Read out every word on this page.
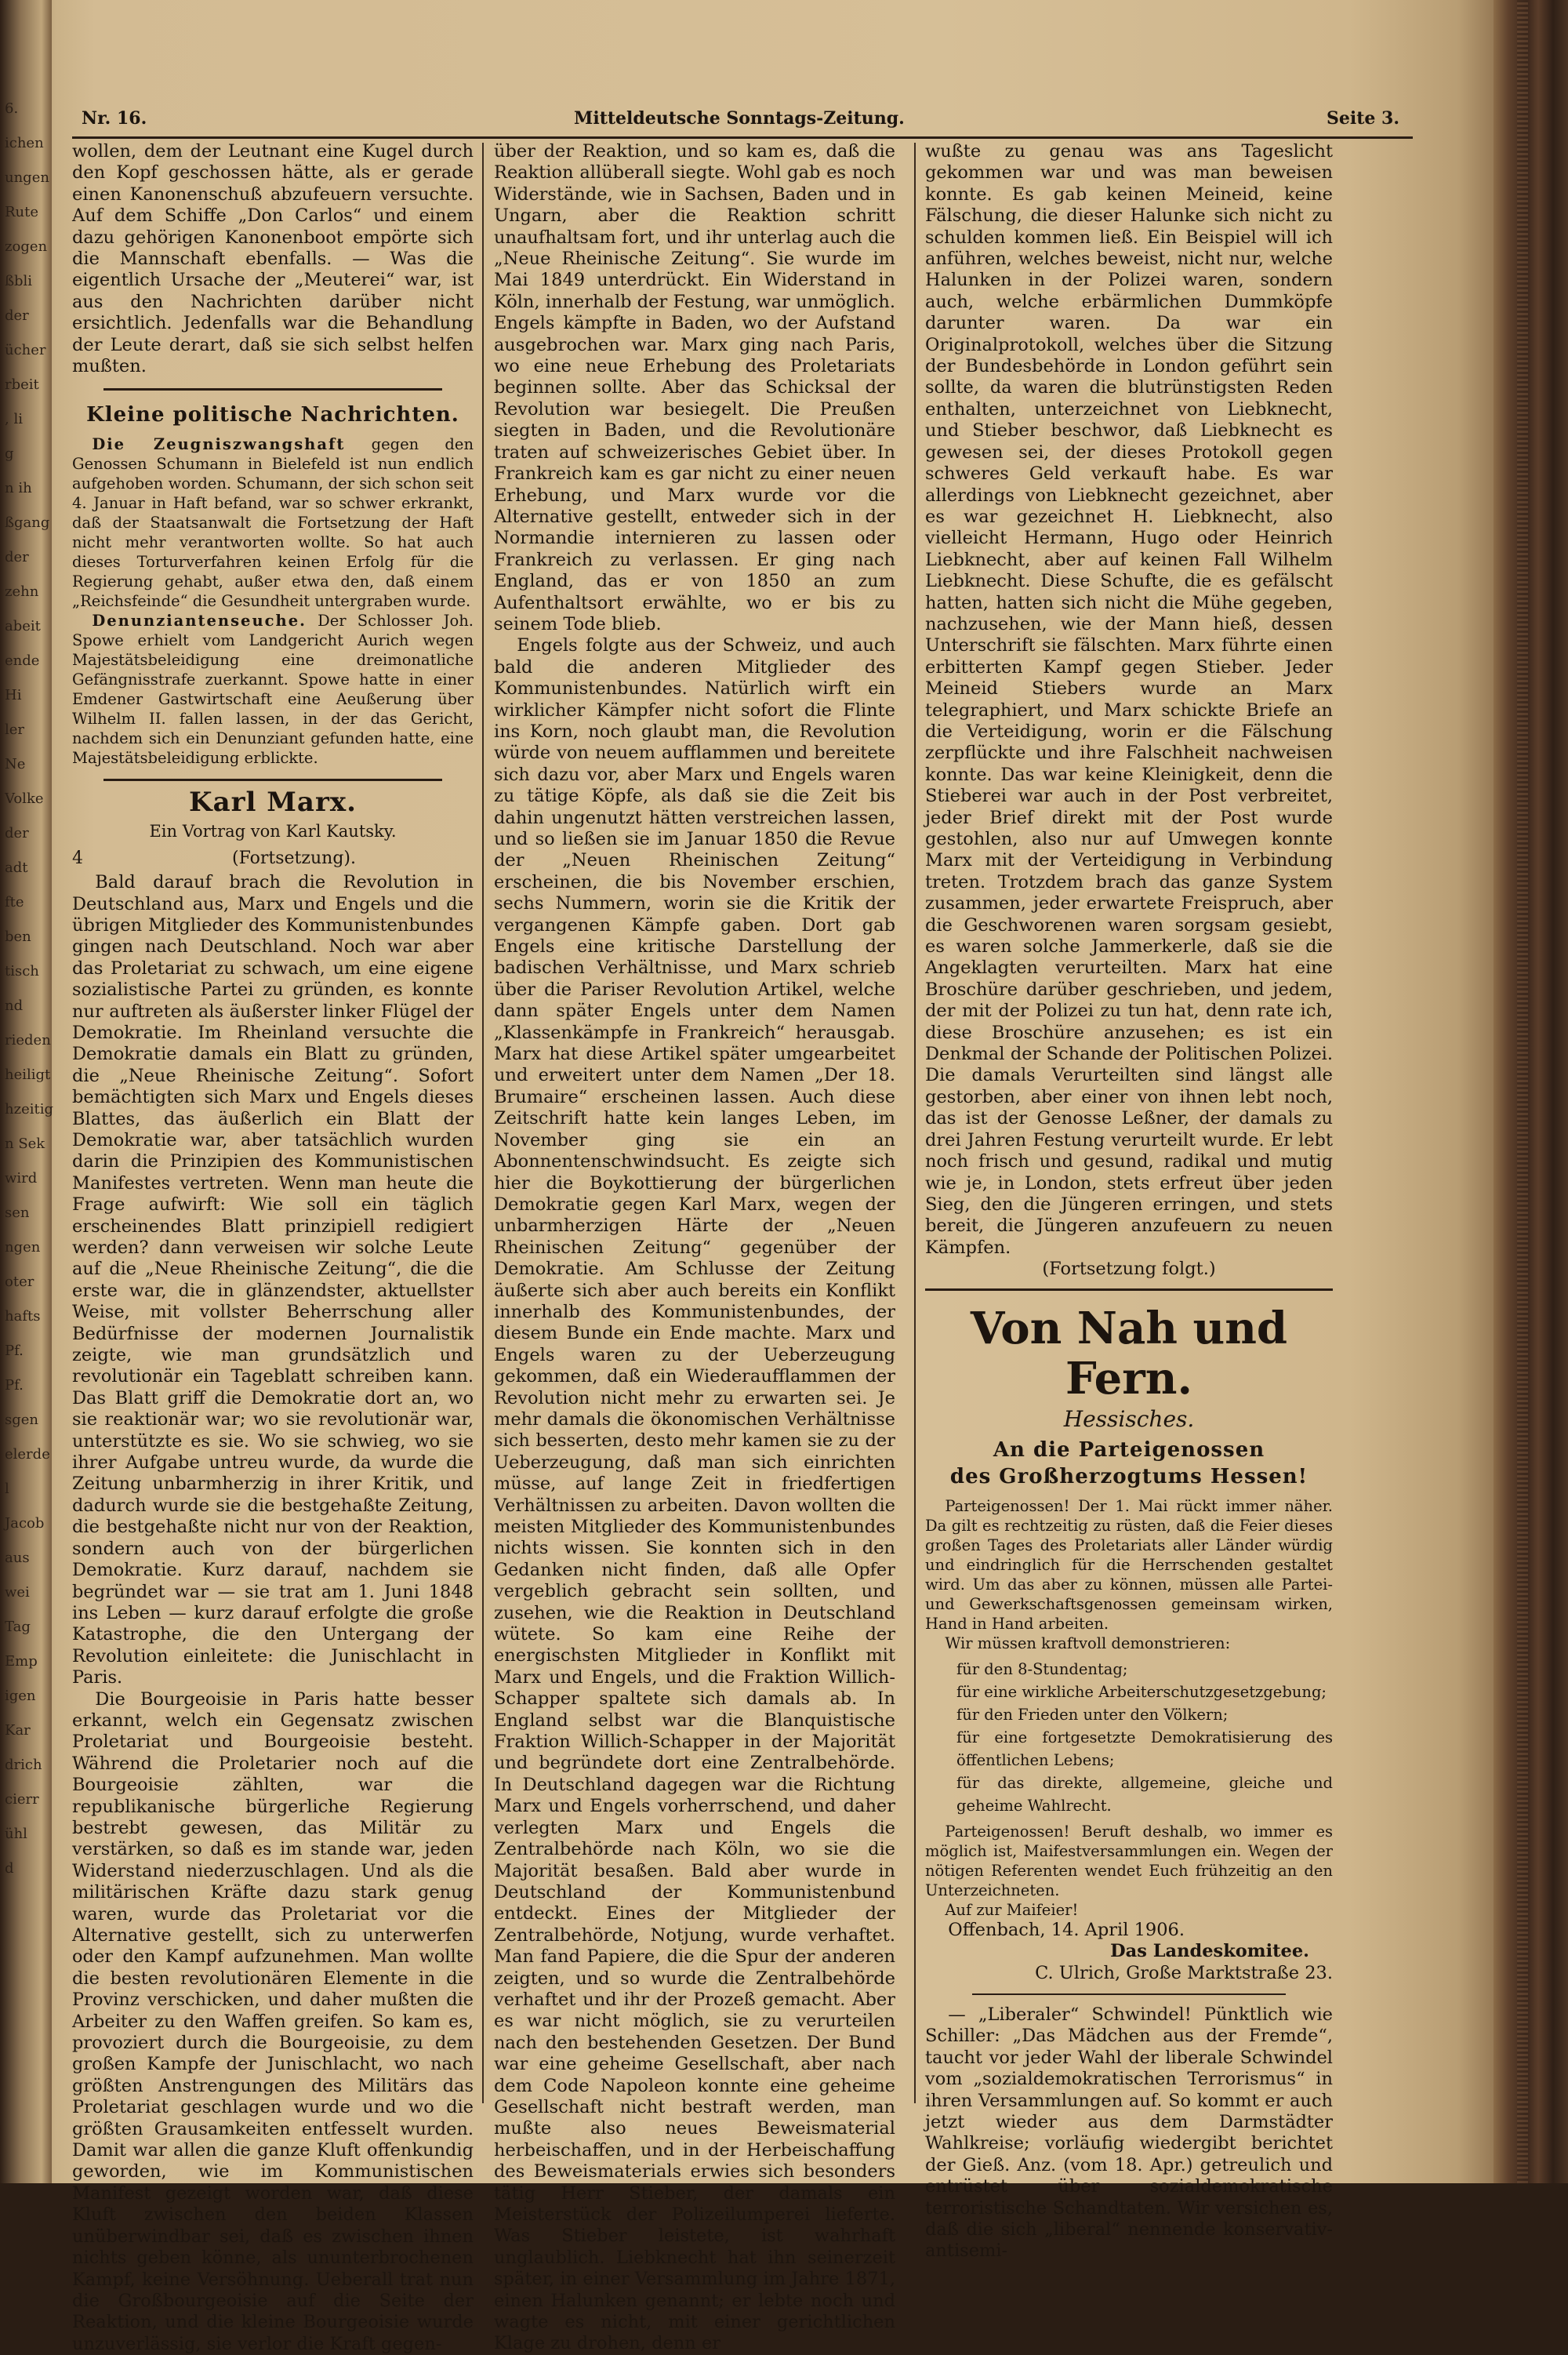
6.
ichen
ungen
Rute
zogen
ßbli
der
ücher
rbeit
, li
g
n ih
ßgang
der
zehn
abeit
ende
Hi
ler
Ne
Volke
der
adt
fte
ben
tisch
nd
rieden
heiligt
hzeitig
n Sek
wird
sen
ngen
oter
hafts
Pf.
Pf.
sgen
elerde
l
Jacob
aus
wei
Tag
Emp
igen
Kar
drich
cierr
ühl
d
Nr. 16.	Mitteldeutsche Sonntags-Zeitung.	Seite 3.

wollen, dem der Leutnant eine Kugel durch den Kopf geschossen hätte, als er gerade einen Kanonenschuß abzufeuern versuchte. Auf dem Schiffe „Don Carlos“ und einem dazu gehörigen Kanonenboot empörte sich die Mannschaft ebenfalls. — Was die eigentlich Ursache der „Meuterei“ war, ist aus den Nachrichten darüber nicht ersichtlich. Jedenfalls war die Behandlung der Leute derart, daß sie sich selbst helfen mußten.

Kleine politische Nachrichten.

Die Zeugniszwangshaft gegen den Genossen Schumann in Bielefeld ist nun endlich aufgehoben worden. Schumann, der sich schon seit 4. Januar in Haft befand, war so schwer erkrankt, daß der Staatsanwalt die Fortsetzung der Haft nicht mehr verantworten wollte. So hat auch dieses Torturverfahren keinen Erfolg für die Regierung gehabt, außer etwa den, daß einem „Reichsfeinde“ die Gesundheit untergraben wurde.

Denunziantenseuche. Der Schlosser Joh. Spowe erhielt vom Landgericht Aurich wegen Majestätsbeleidigung eine dreimonatliche Gefängnisstrafe zuerkannt. Spowe hatte in einer Emdener Gastwirtschaft eine Aeußerung über Wilhelm II. fallen lassen, in der das Gericht, nachdem sich ein Denunziant gefunden hatte, eine Majestätsbeleidigung erblickte.

Karl Marx.
Ein Vortrag von Karl Kautsky.
4	(Fortsetzung).

Bald darauf brach die Revolution in Deutschland aus, Marx und Engels und die übrigen Mitglieder des Kommunistenbundes gingen nach Deutschland. Noch war aber das Proletariat zu schwach, um eine eigene sozialistische Partei zu gründen, es konnte nur auftreten als äußerster linker Flügel der Demokratie. Im Rheinland versuchte die Demokratie damals ein Blatt zu gründen, die „Neue Rheinische Zeitung“. Sofort bemächtigten sich Marx und Engels dieses Blattes, das äußerlich ein Blatt der Demokratie war, aber tatsächlich wurden darin die Prinzipien des Kommunistischen Manifestes vertreten. Wenn man heute die Frage aufwirft: Wie soll ein täglich erscheinendes Blatt prinzipiell redigiert werden? dann verweisen wir solche Leute auf die „Neue Rheinische Zeitung“, die die erste war, die in glänzendster, aktuellster Weise, mit vollster Beherrschung aller Bedürfnisse der modernen Journalistik zeigte, wie man grundsätzlich und revolutionär ein Tageblatt schreiben kann. Das Blatt griff die Demokratie dort an, wo sie reaktionär war; wo sie revolutionär war, unterstützte es sie. Wo sie schwieg, wo sie ihrer Aufgabe untreu wurde, da wurde die Zeitung unbarmherzig in ihrer Kritik, und dadurch wurde sie die bestgehaßte Zeitung, die bestgehaßte nicht nur von der Reaktion, sondern auch von der bürgerlichen Demokratie. Kurz darauf, nachdem sie begründet war — sie trat am 1. Juni 1848 ins Leben — kurz darauf erfolgte die große Katastrophe, die den Untergang der Revolution einleitete: die Junischlacht in Paris.

Die Bourgeoisie in Paris hatte besser erkannt, welch ein Gegensatz zwischen Proletariat und Bourgeoisie besteht. Während die Proletarier noch auf die Bourgeoisie zählten, war die republikanische bürgerliche Regierung bestrebt gewesen, das Militär zu verstärken, so daß es im stande war, jeden Widerstand niederzuschlagen. Und als die militärischen Kräfte dazu stark genug waren, wurde das Proletariat vor die Alternative gestellt, sich zu unterwerfen oder den Kampf aufzunehmen. Man wollte die besten revolutionären Elemente in die Provinz verschicken, und daher mußten die Arbeiter zu den Waffen greifen. So kam es, provoziert durch die Bourgeoisie, zu dem großen Kampfe der Junischlacht, wo nach größten Anstrengungen des Militärs das Proletariat geschlagen wurde und wo die größten Grausamkeiten entfesselt wurden. Damit war allen die ganze Kluft offenkundig geworden, wie im Kommunistischen Manifest gezeigt worden war, daß diese Kluft zwischen den beiden Klassen unüberwindbar sei, daß es zwischen ihnen nichts geben könne, als ununterbrochenen Kampf, keine Versöhnung. Ueberall trat nun die Großbourgeoisie auf die Seite der Reaktion, und die kleine Bourgeoisie wurde unzuverlässig, sie verlor die Kraft gegen-

über der Reaktion, und so kam es, daß die Reaktion allüberall siegte. Wohl gab es noch Widerstände, wie in Sachsen, Baden und in Ungarn, aber die Reaktion schritt unaufhaltsam fort, und ihr unterlag auch die „Neue Rheinische Zeitung“. Sie wurde im Mai 1849 unterdrückt. Ein Widerstand in Köln, innerhalb der Festung, war unmöglich. Engels kämpfte in Baden, wo der Aufstand ausgebrochen war. Marx ging nach Paris, wo eine neue Erhebung des Proletariats beginnen sollte. Aber das Schicksal der Revolution war besiegelt. Die Preußen siegten in Baden, und die Revolutionäre traten auf schweizerisches Gebiet über. In Frankreich kam es gar nicht zu einer neuen Erhebung, und Marx wurde vor die Alternative gestellt, entweder sich in der Normandie internieren zu lassen oder Frankreich zu verlassen. Er ging nach England, das er von 1850 an zum Aufenthaltsort erwählte, wo er bis zu seinem Tode blieb.

Engels folgte aus der Schweiz, und auch bald die anderen Mitglieder des Kommunistenbundes. Natürlich wirft ein wirklicher Kämpfer nicht sofort die Flinte ins Korn, noch glaubt man, die Revolution würde von neuem aufflammen und bereitete sich dazu vor, aber Marx und Engels waren zu tätige Köpfe, als daß sie die Zeit bis dahin ungenutzt hätten verstreichen lassen, und so ließen sie im Januar 1850 die Revue der „Neuen Rheinischen Zeitung“ erscheinen, die bis November erschien, sechs Nummern, worin sie die Kritik der vergangenen Kämpfe gaben. Dort gab Engels eine kritische Darstellung der badischen Verhältnisse, und Marx schrieb über die Pariser Revolution Artikel, welche dann später Engels unter dem Namen „Klassenkämpfe in Frankreich“ herausgab. Marx hat diese Artikel später umgearbeitet und erweitert unter dem Namen „Der 18. Brumaire“ erscheinen lassen. Auch diese Zeitschrift hatte kein langes Leben, im November ging sie ein an Abonnentenschwindsucht. Es zeigte sich hier die Boykottierung der bürgerlichen Demokratie gegen Karl Marx, wegen der unbarmherzigen Härte der „Neuen Rheinischen Zeitung“ gegenüber der Demokratie. Am Schlusse der Zeitung äußerte sich aber auch bereits ein Konflikt innerhalb des Kommunistenbundes, der diesem Bunde ein Ende machte. Marx und Engels waren zu der Ueberzeugung gekommen, daß ein Wiederaufflammen der Revolution nicht mehr zu erwarten sei. Je mehr damals die ökonomischen Verhältnisse sich besserten, desto mehr kamen sie zu der Ueberzeugung, daß man sich einrichten müsse, auf lange Zeit in friedfertigen Verhältnissen zu arbeiten. Davon wollten die meisten Mitglieder des Kommunistenbundes nichts wissen. Sie konnten sich in den Gedanken nicht finden, daß alle Opfer vergeblich gebracht sein sollten, und zusehen, wie die Reaktion in Deutschland wütete. So kam eine Reihe der energischsten Mitglieder in Konflikt mit Marx und Engels, und die Fraktion Willich-Schapper spaltete sich damals ab. In England selbst war die Blanquistische Fraktion Willich-Schapper in der Majorität und begründete dort eine Zentralbehörde. In Deutschland dagegen war die Richtung Marx und Engels vorherrschend, und daher verlegten Marx und Engels die Zentralbehörde nach Köln, wo sie die Majorität besaßen. Bald aber wurde in Deutschland der Kommunistenbund entdeckt. Eines der Mitglieder der Zentralbehörde, Notjung, wurde verhaftet. Man fand Papiere, die die Spur der anderen zeigten, und so wurde die Zentralbehörde verhaftet und ihr der Prozeß gemacht. Aber es war nicht möglich, sie zu verurteilen nach den bestehenden Gesetzen. Der Bund war eine geheime Gesellschaft, aber nach dem Code Napoleon konnte eine geheime Gesellschaft nicht bestraft werden, man mußte also neues Beweismaterial herbeischaffen, und in der Herbeischaffung des Beweismaterials erwies sich besonders tätig Herr Stieber, der damals ein Meisterstück der Polizeilumperei lieferte. Was Stieber leistete, ist wahrhaft unglaublich. Liebknecht hat ihn seinerzeit später, in einer Versammlung im Jahre 1871, einen Halunken genannt; er lebte noch und wagte es nicht, mit einer gerichtlichen Klage zu drohen, denn er

wußte zu genau was ans Tageslicht gekommen war und was man beweisen konnte. Es gab keinen Meineid, keine Fälschung, die dieser Halunke sich nicht zu schulden kommen ließ. Ein Beispiel will ich anführen, welches beweist, nicht nur, welche Halunken in der Polizei waren, sondern auch, welche erbärmlichen Dummköpfe darunter waren. Da war ein Originalprotokoll, welches über die Sitzung der Bundesbehörde in London geführt sein sollte, da waren die blutrünstigsten Reden enthalten, unterzeichnet von Liebknecht, und Stieber beschwor, daß Liebknecht es gewesen sei, der dieses Protokoll gegen schweres Geld verkauft habe. Es war allerdings von Liebknecht gezeichnet, aber es war gezeichnet H. Liebknecht, also vielleicht Hermann, Hugo oder Heinrich Liebknecht, aber auf keinen Fall Wilhelm Liebknecht. Diese Schufte, die es gefälscht hatten, hatten sich nicht die Mühe gegeben, nachzusehen, wie der Mann hieß, dessen Unterschrift sie fälschten. Marx führte einen erbitterten Kampf gegen Stieber. Jeder Meineid Stiebers wurde an Marx telegraphiert, und Marx schickte Briefe an die Verteidigung, worin er die Fälschung zerpflückte und ihre Falschheit nachweisen konnte. Das war keine Kleinigkeit, denn die Stieberei war auch in der Post verbreitet, jeder Brief direkt mit der Post wurde gestohlen, also nur auf Umwegen konnte Marx mit der Verteidigung in Verbindung treten. Trotzdem brach das ganze System zusammen, jeder erwartete Freispruch, aber die Geschworenen waren sorgsam gesiebt, es waren solche Jammerkerle, daß sie die Angeklagten verurteilten. Marx hat eine Broschüre darüber geschrieben, und jedem, der mit der Polizei zu tun hat, denn rate ich, diese Broschüre anzusehen; es ist ein Denkmal der Schande der Politischen Polizei. Die damals Verurteilten sind längst alle gestorben, aber einer von ihnen lebt noch, das ist der Genosse Leßner, der damals zu drei Jahren Festung verurteilt wurde. Er lebt noch frisch und gesund, radikal und mutig wie je, in London, stets erfreut über jeden Sieg, den die Jüngeren erringen, und stets bereit, die Jüngeren anzufeuern zu neuen Kämpfen.

(Fortsetzung folgt.)
Von Nah und Fern.
Hessisches.
An die Parteigenossen
des Großherzogtums Hessen!

Parteigenossen! Der 1. Mai rückt immer näher. Da gilt es rechtzeitig zu rüsten, daß die Feier dieses großen Tages des Proletariats aller Länder würdig und eindringlich für die Herrschenden gestaltet wird. Um das aber zu können, müssen alle Partei- und Gewerkschaftsgenossen gemeinsam wirken, Hand in Hand arbeiten.

Wir müssen kraftvoll demonstrieren:

für den 8-Stundentag;
für eine wirkliche Arbeiterschutzgesetzgebung;
für den Frieden unter den Völkern;
für eine fortgesetzte Demokratisierung des öffentlichen Lebens;
für das direkte, allgemeine, gleiche und geheime Wahlrecht.

Parteigenossen! Beruft deshalb, wo immer es möglich ist, Maifestversammlungen ein. Wegen der nötigen Referenten wendet Euch frühzeitig an den Unterzeichneten.

Auf zur Maifeier!

Offenbach, 14. April 1906.

Das Landeskomitee.

C. Ulrich, Große Marktstraße 23.

— „Liberaler“ Schwindel! Pünktlich wie Schiller: „Das Mädchen aus der Fremde“, taucht vor jeder Wahl der liberale Schwindel vom „sozialdemokratischen Terrorismus“ in ihren Versammlungen auf. So kommt er auch jetzt wieder aus dem Darmstädter Wahlkreise; vorläufig wiedergibt berichtet der Gieß. Anz. (vom 18. Apr.) getreulich und entrüstet über sozialdemokratische terroristische Schandtaten. Wir versichen es, daß die sich „liberal“ nennende konservativ-antisemi-
